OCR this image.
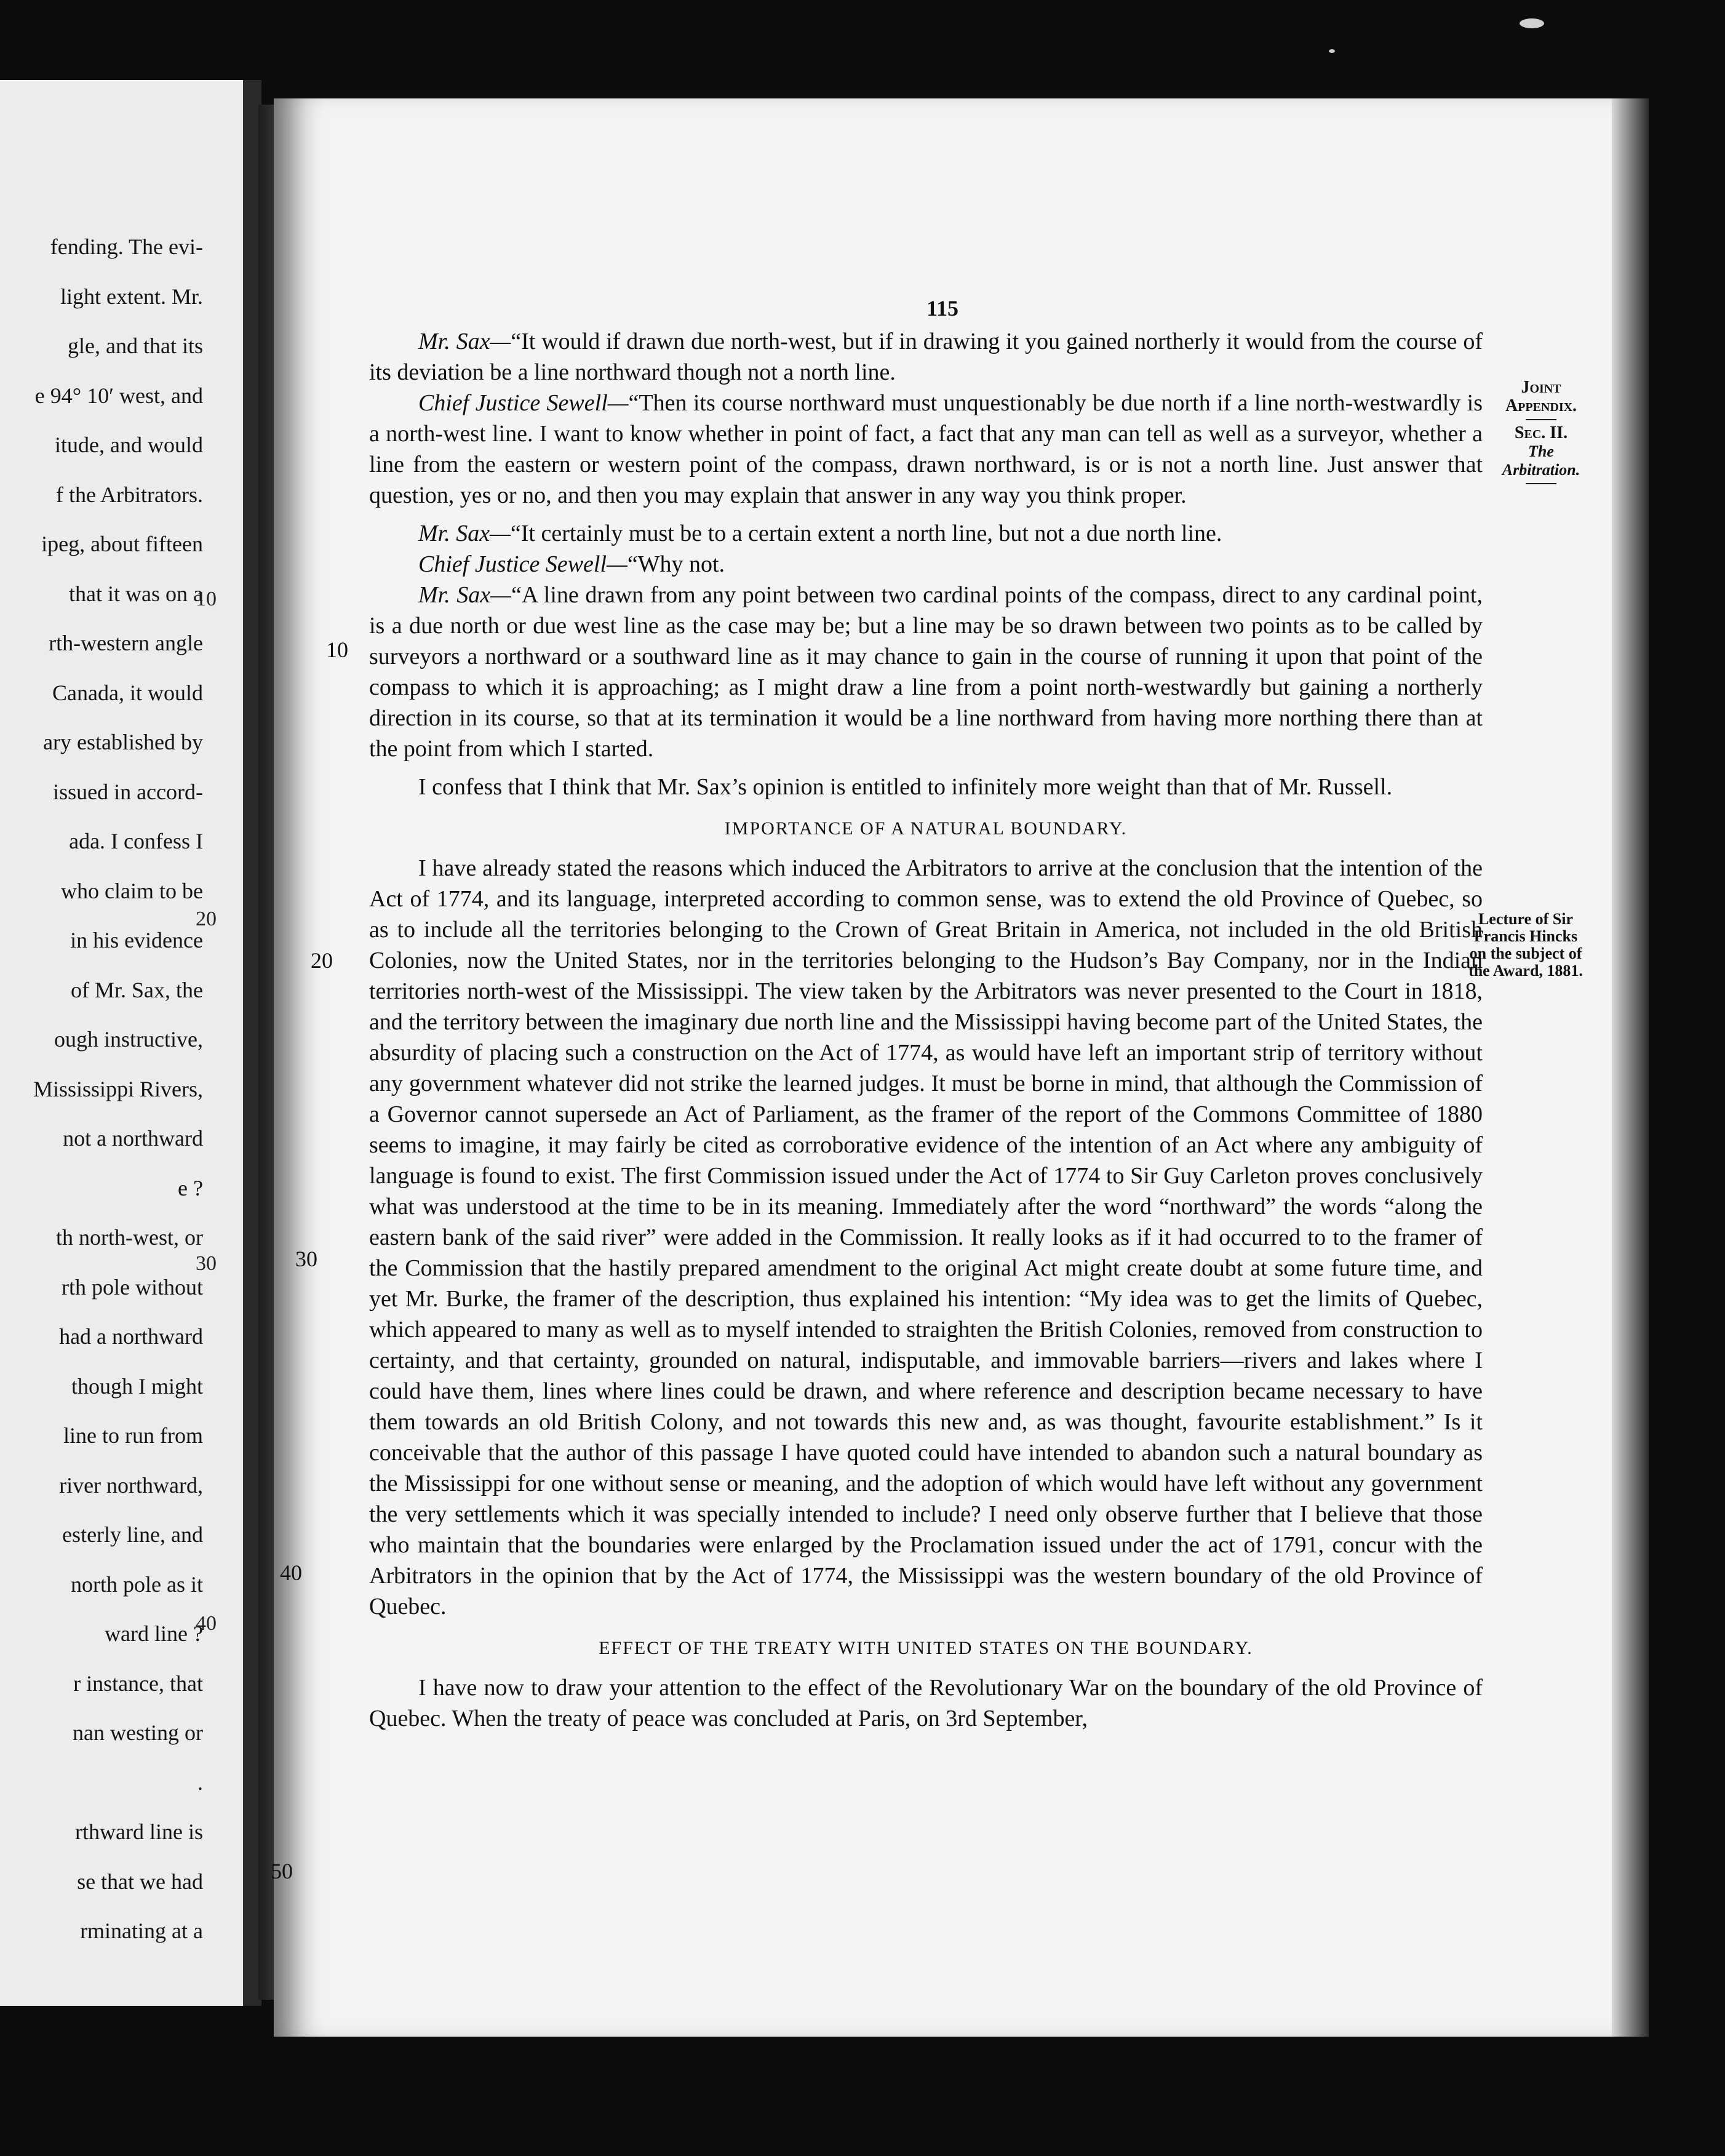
fending. The evi-
light extent. Mr.
gle, and that its
e 94° 10′ west, and
itude, and would
f the Arbitrators.
ipeg, about fifteen
that it was on a
rth-western angle
Canada, it would
ary established by
issued in accord-
ada. I confess I
who claim to be
in his evidence
of Mr. Sax, the
ough instructive,
Mississippi Rivers,
not a northward
e ?
th north-west, or
rth pole without
had a northward
though I might
line to run from
river northward,
esterly line, and
north pole as it
ward line ?
r instance, that
nan westing or
.
rthward line is
se that we had
rminating at a
10
20
30
40
115
Joint
Appendix.
Sec. II.
The
Arbitration.
Lecture of Sir Francis Hincks on the subject of the Award, 1881.
10
20
30
40
50

Mr. Sax—“It would if drawn due north-west, but if in drawing it you gained northerly it would from the course of its deviation be a line northward though not a north line.

Chief Justice Sewell—“Then its course northward must unquestionably be due north if a line north-westwardly is a north-west line. I want to know whether in point of fact, a fact that any man can tell as well as a surveyor, whether a line from the eastern or western point of the compass, drawn northward, is or is not a north line. Just answer that question, yes or no, and then you may explain that answer in any way you think proper.

Mr. Sax—“It certainly must be to a certain extent a north line, but not a due north line.

Chief Justice Sewell—“Why not.

Mr. Sax—“A line drawn from any point between two cardinal points of the compass, direct to any cardinal point, is a due north or due west line as the case may be; but a line may be so drawn between two points as to be called by surveyors a northward or a southward line as it may chance to gain in the course of running it upon that point of the compass to which it is approaching; as I might draw a line from a point north-westwardly but gaining a northerly direction in its course, so that at its termination it would be a line northward from having more northing there than at the point from which I started.

I confess that I think that Mr. Sax’s opinion is entitled to infinitely more weight than that of Mr. Russell.

IMPORTANCE OF A NATURAL BOUNDARY.

I have already stated the reasons which induced the Arbitrators to arrive at the conclusion that the intention of the Act of 1774, and its language, interpreted according to common sense, was to extend the old Province of Quebec, so as to include all the territories belonging to the Crown of Great Britain in America, not included in the old British Colonies, now the United States, nor in the territories belonging to the Hudson’s Bay Company, nor in the Indian territories north-west of the Mississippi. The view taken by the Arbitrators was never presented to the Court in 1818, and the territory between the imaginary due north line and the Mississippi having become part of the United States, the absurdity of placing such a construction on the Act of 1774, as would have left an important strip of territory without any government whatever did not strike the learned judges. It must be borne in mind, that although the Commission of a Governor cannot supersede an Act of Parliament, as the framer of the report of the Commons Committee of 1880 seems to imagine, it may fairly be cited as corroborative evidence of the intention of an Act where any ambiguity of language is found to exist. The first Commission issued under the Act of 1774 to Sir Guy Carleton proves conclusively what was understood at the time to be in its meaning. Immediately after the word “northward” the words “along the eastern bank of the said river” were added in the Commission. It really looks as if it had occurred to to the framer of the Commission that the hastily prepared amendment to the original Act might create doubt at some future time, and yet Mr. Burke, the framer of the description, thus explained his intention: “My idea was to get the limits of Quebec, which appeared to many as well as to myself intended to straighten the British Colonies, removed from construction to certainty, and that certainty, grounded on natural, indisputable, and immovable barriers—rivers and lakes where I could have them, lines where lines could be drawn, and where reference and description became necessary to have them towards an old British Colony, and not towards this new and, as was thought, favourite establishment.” Is it conceivable that the author of this passage I have quoted could have intended to abandon such a natural boundary as the Mississippi for one without sense or meaning, and the adoption of which would have left without any government the very settlements which it was specially intended to include? I need only observe further that I believe that those who maintain that the boundaries were enlarged by the Proclamation issued under the act of 1791, concur with the Arbitrators in the opinion that by the Act of 1774, the Mississippi was the western boundary of the old Province of Quebec.

EFFECT OF THE TREATY WITH UNITED STATES ON THE BOUNDARY.

I have now to draw your attention to the effect of the Revolutionary War on the boundary of the old Province of Quebec. When the treaty of peace was concluded at Paris, on 3rd September,
